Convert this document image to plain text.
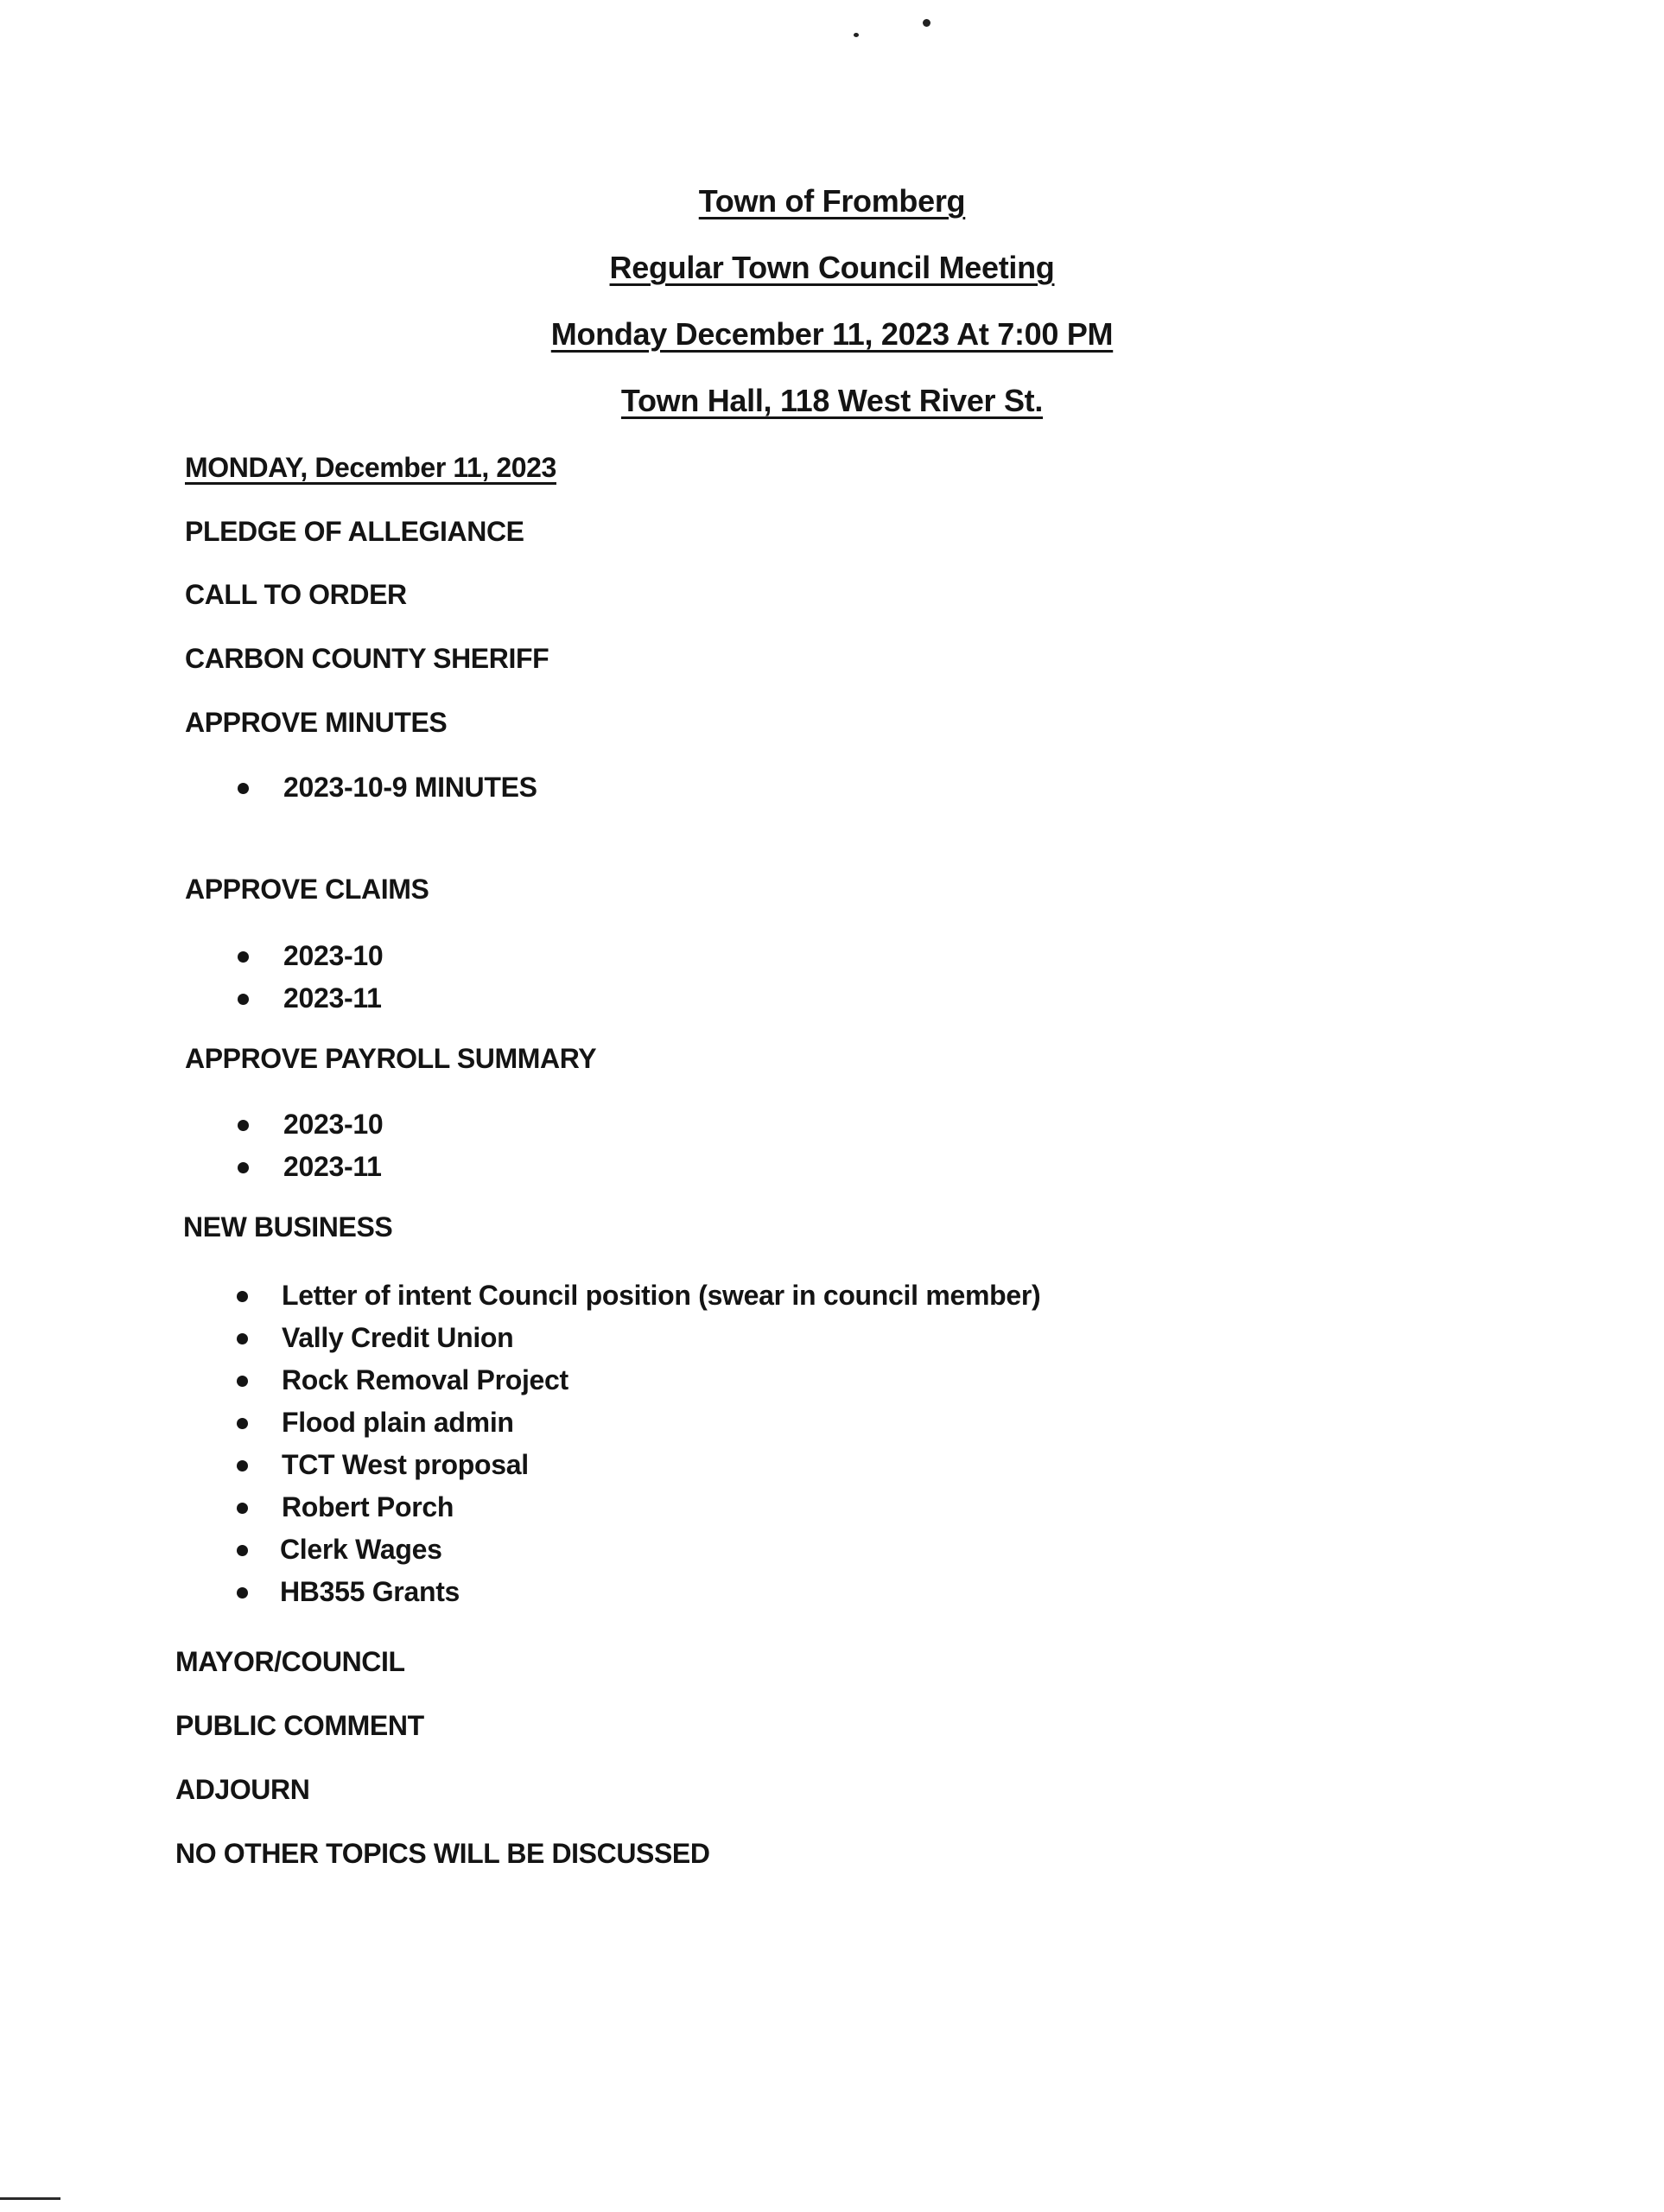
Town of Fromberg
Regular Town Council Meeting
Monday December 11, 2023 At 7:00 PM
Town Hall, 118 West River St.
MONDAY, December 11, 2023
PLEDGE OF ALLEGIANCE
CALL TO ORDER
CARBON COUNTY SHERIFF
APPROVE MINUTES
2023-10-9 MINUTES
APPROVE CLAIMS
2023-10
2023-11
APPROVE PAYROLL SUMMARY
2023-10
2023-11
NEW BUSINESS
Letter of intent Council position (swear in council member)
Vally Credit Union
Rock Removal Project
Flood plain admin
TCT West proposal
Robert Porch
Clerk Wages
HB355 Grants
MAYOR/COUNCIL
PUBLIC COMMENT
ADJOURN
NO OTHER TOPICS WILL BE DISCUSSED
